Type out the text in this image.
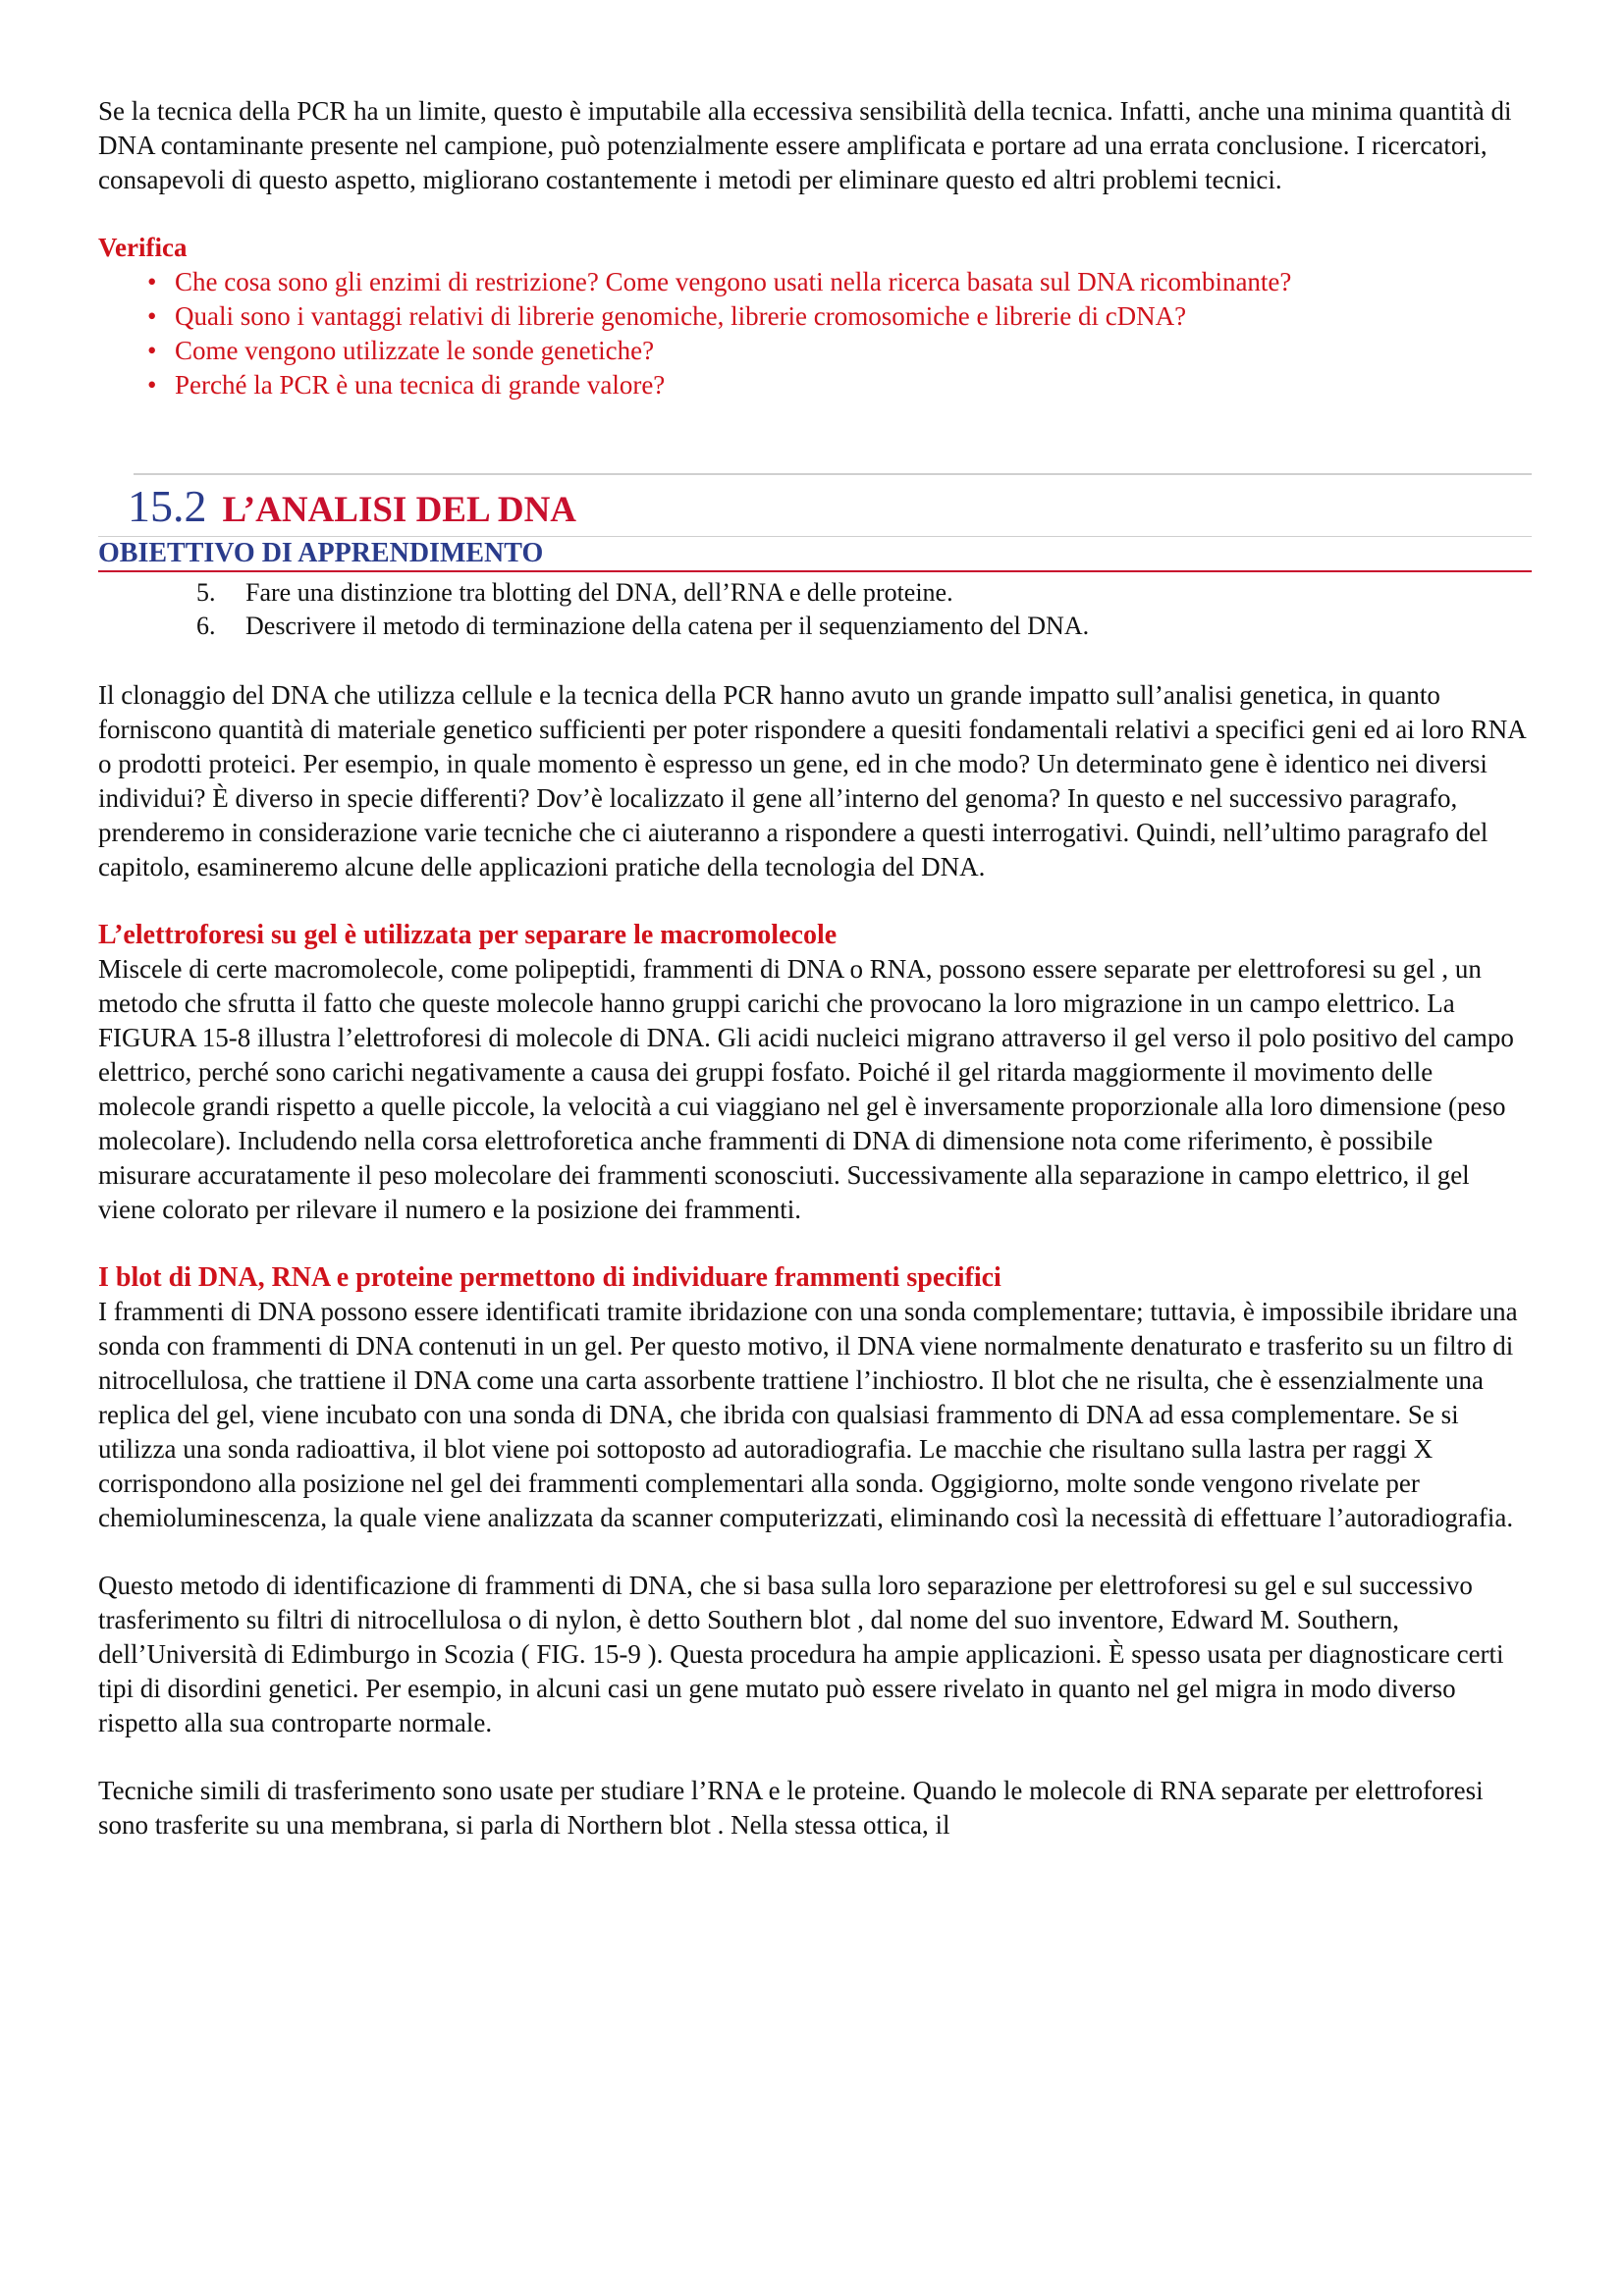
Se la tecnica della PCR ha un limite, questo è imputabile alla eccessiva sensibilità della tecnica. Infatti, anche una minima quantità di DNA contaminante presente nel campione, può potenzialmente essere amplificata e portare ad una errata conclusione. I ricercatori, consapevoli di questo aspetto, migliorano costantemente i metodi per eliminare questo ed altri problemi tecnici.

Verifica

• Che cosa sono gli enzimi di restrizione? Come vengono usati nella ricerca basata sul DNA ricombinante?
• Quali sono i vantaggi relativi di librerie genomiche, librerie cromosomiche e librerie di cDNA?
• Come vengono utilizzate le sonde genetiche?
• Perché la PCR è una tecnica di grande valore?
15.2 L’ANALISI DEL DNA

OBIETTIVO DI APPRENDIMENTO

5.	Fare una distinzione tra blotting del DNA, dell’RNA e delle proteine.
6.	Descrivere il metodo di terminazione della catena per il sequenziamento del DNA.

Il clonaggio del DNA che utilizza cellule e la tecnica della PCR hanno avuto un grande impatto sull’analisi genetica, in quanto forniscono quantità di materiale genetico sufficienti per poter rispondere a quesiti fondamentali relativi a specifici geni ed ai loro RNA o prodotti proteici. Per esempio, in quale momento è espresso un gene, ed in che modo? Un determinato gene è identico nei diversi individui? È diverso in specie differenti? Dov’è localizzato il gene all’interno del genoma? In questo e nel successivo paragrafo, prenderemo in considerazione varie tecniche che ci aiuteranno a rispondere a questi interrogativi. Quindi, nell’ultimo paragrafo del capitolo, esamineremo alcune delle applicazioni pratiche della tecnologia del DNA.

L’elettroforesi su gel è utilizzata per separare le macromolecole

Miscele di certe macromolecole, come polipeptidi, frammenti di DNA o RNA, possono essere separate per elettroforesi su gel , un metodo che sfrutta il fatto che queste molecole hanno gruppi carichi che provocano la loro migrazione in un campo elettrico. La FIGURA 15-8 illustra l’elettroforesi di molecole di DNA. Gli acidi nucleici migrano attraverso il gel verso il polo positivo del campo elettrico, perché sono carichi negativamente a causa dei gruppi fosfato. Poiché il gel ritarda maggiormente il movimento delle molecole grandi rispetto a quelle piccole, la velocità a cui viaggiano nel gel è inversamente proporzionale alla loro dimensione (peso molecolare). Includendo nella corsa elettroforetica anche frammenti di DNA di dimensione nota come riferimento, è possibile misurare accuratamente il peso molecolare dei frammenti sconosciuti. Successivamente alla separazione in campo elettrico, il gel viene colorato per rilevare il numero e la posizione dei frammenti.

I blot di DNA, RNA e proteine permettono di individuare frammenti specifici

I frammenti di DNA possono essere identificati tramite ibridazione con una sonda complementare; tuttavia, è impossibile ibridare una sonda con frammenti di DNA contenuti in un gel. Per questo motivo, il DNA viene normalmente denaturato e trasferito su un filtro di nitrocellulosa, che trattiene il DNA come una carta assorbente trattiene l’inchiostro. Il blot che ne risulta, che è essenzialmente una replica del gel, viene incubato con una sonda di DNA, che ibrida con qualsiasi frammento di DNA ad essa complementare. Se si utilizza una sonda radioattiva, il blot viene poi sottoposto ad autoradiografia. Le macchie che risultano sulla lastra per raggi X corrispondono alla posizione nel gel dei frammenti complementari alla sonda. Oggigiorno, molte sonde vengono rivelate per chemioluminescenza, la quale viene analizzata da scanner computerizzati, eliminando così la necessità di effettuare l’autoradiografia.

Questo metodo di identificazione di frammenti di DNA, che si basa sulla loro separazione per elettroforesi su gel e sul successivo trasferimento su filtri di nitrocellulosa o di nylon, è detto Southern blot , dal nome del suo inventore, Edward M. Southern, dell’Università di Edimburgo in Scozia ( FIG. 15-9 ). Questa procedura ha ampie applicazioni. È spesso usata per diagnosticare certi tipi di disordini genetici. Per esempio, in alcuni casi un gene mutato può essere rivelato in quanto nel gel migra in modo diverso rispetto alla sua controparte normale.

Tecniche simili di trasferimento sono usate per studiare l’RNA e le proteine. Quando le molecole di RNA separate per elettroforesi sono trasferite su una membrana, si parla di Northern blot . Nella stessa ottica, il
